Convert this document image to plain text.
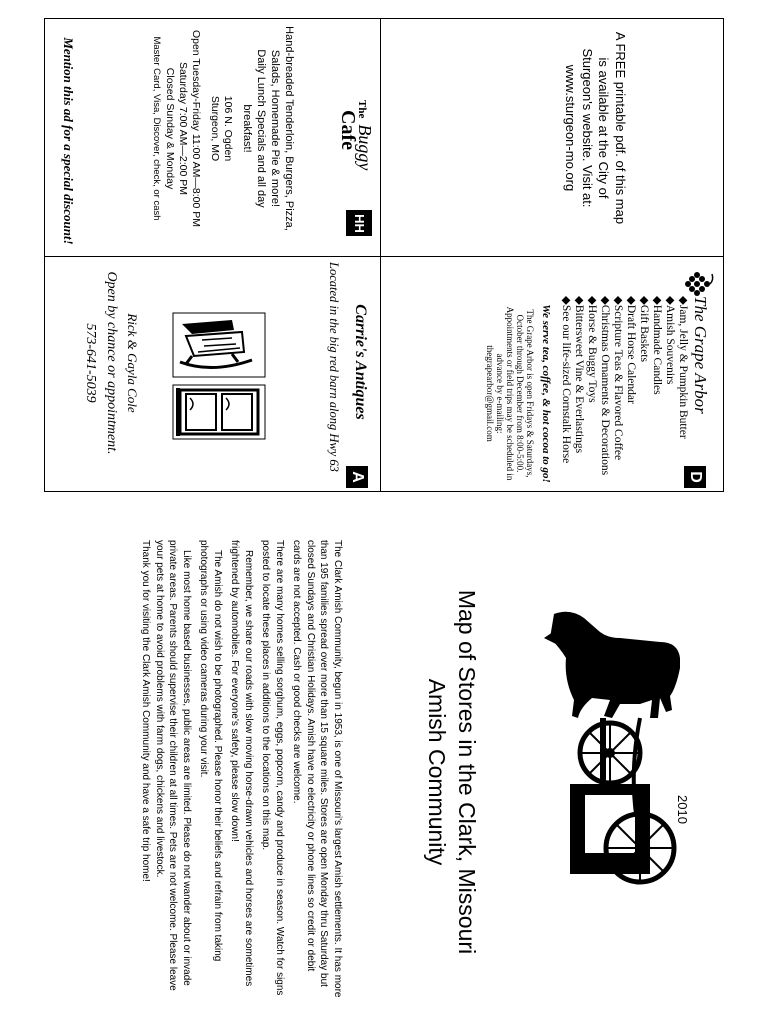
A FREE printable pdf. of this map is available at the City of Sturgeon's website. Visit at:

www.sturgeon-mo.org

D

The Grape Arbor

◆Jam, Jelly & Pumpkin Butter
◆Amish Souvenirs
◆Handmade Candles
◆Gift Baskets
◆Draft Horse Calendar
◆Scripture Teas & Flavored Coffee
◆Christmas Ornaments & Decorations
◆Horse & Buggy Toys
◆Bittersweet Vine & Everlastings
◆See our life-sized Cornstalk Horse

We serve tea, coffee, & hot cocoa to go!

The Grape Arbor is open Fridays & Saturdays, October through December from 8:00-5:00. Appointments or field trips may be scheduled in advance by e-mailing:

thegrapearbor@gmail.com

A

Carrie's Antiques

Located in the big red barn along Hwy 63

Rick & Gayla Cole

Open by chance or appointment.

573-641-5039

HH
The Buggy
Cafe

Hand-breaded Tenderloin, Burgers, Pizza, Salads, Homemade Pie & more!

Daily Lunch Specials and all day breakfast!

106 N. Ogden

Sturgeon, MO

Open Tuesday-Friday 11:00 AM—8:00 PM

Saturday 7:00 AM—2:00 PM

Closed Sunday & Monday

Master Card, Visa, Discover, check, or cash

Mention this ad for a special discount!

2010

Map of Stores in the Clark, Missouri

Amish Community

The Clark Amish Community, begun in 1953, is one of Missouri's largest Amish settlements. It has more than 195 families spread over more than 15 square miles. Stores are open Monday thru Saturday but closed Sundays and Christian Holidays. Amish have no electricity or phone lines so credit or debit cards are not accepted. Cash or good checks are welcome.

There are many homes selling sorghum, eggs, popcorn, candy and produce in season. Watch for signs posted to locate these places in additions to the locations on this map.

Remember, we share our roads with slow moving horse-drawn vehicles and horses are sometimes frightened by automobiles. For everyone's safety, please slow down!

The Amish do not wish to be photographed. Please honor their beliefs and refrain from taking photographs or using video cameras during your visit.

Like most home based businesses, public areas are limited. Please do not wander about or invade private areas. Parents should supervise their children at all times. Pets are not welcome. Please leave your pets at home to avoid problems with farm dogs, chickens and livestock.

Thank you for visiting the Clark Amish Community and have a safe trip home!
